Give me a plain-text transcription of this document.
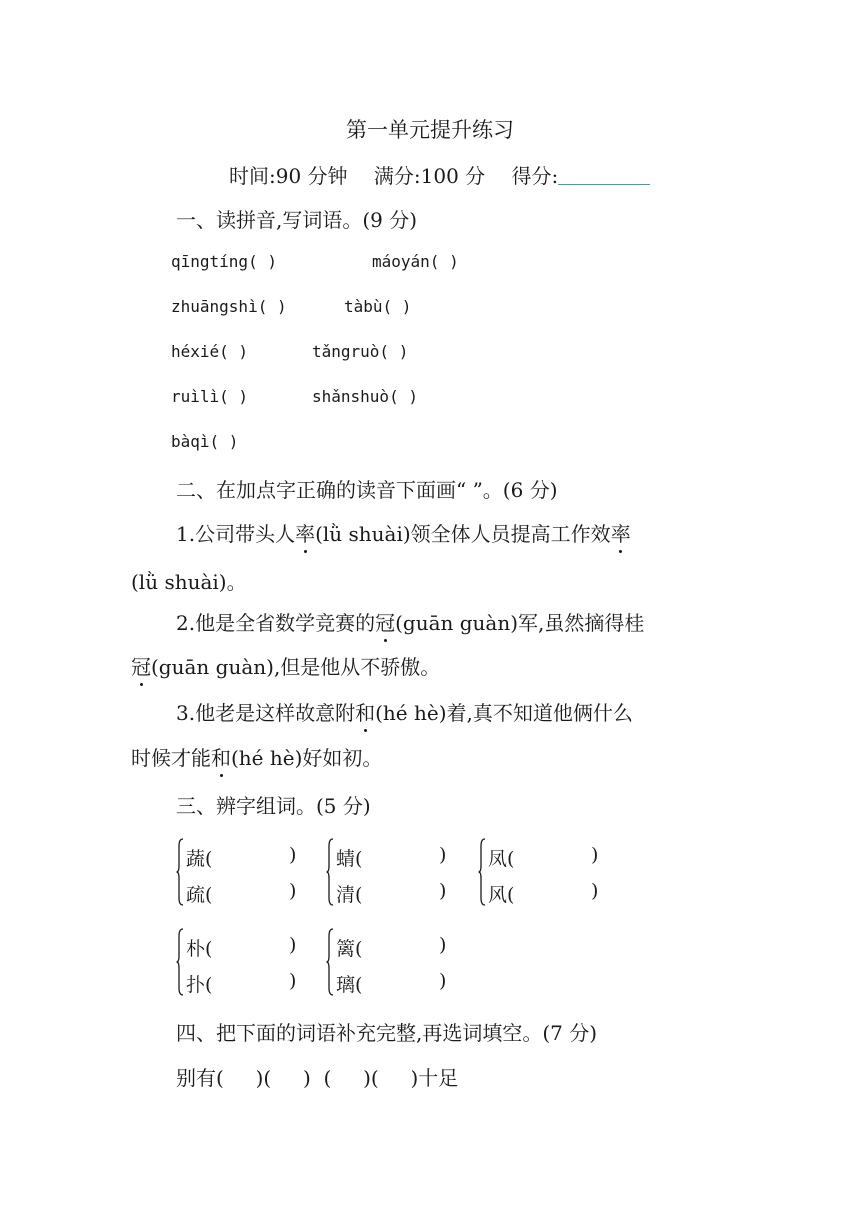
第一单元提升练习
时间:90 分钟 满分:100 分 得分:
一、读拼音,写词语。(9 分)
qīngtíng( )	máoyán( )
zhuāngshì( )	tàbù( )
héxié( )	tǎngruò( )
ruìlì( )	shǎnshuò( )
bàqì( )
二、在加点字正确的读音下面画“ ”。(6 分)
1.公司带头人率(lǜ shuài)领全体人员提高工作效率
(lǜ shuài)。
2.他是全省数学竞赛的冠(guān guàn)军,虽然摘得桂
冠(guān guàn),但是他从不骄傲。
3.他老是这样故意附和(hé hè)着,真不知道他俩什么
时候才能和(hé hè)好如初。
三、辨字组词。(5 分)
蔬(	)
疏(	)
蜻(	)
清(	)
凤(	)
风(	)
朴(	)
扑(	)
篱(	)
璃(	)
四、把下面的词语补充完整,再选词填空。(7 分)
别有(     )(     )  (     )(     )十足
